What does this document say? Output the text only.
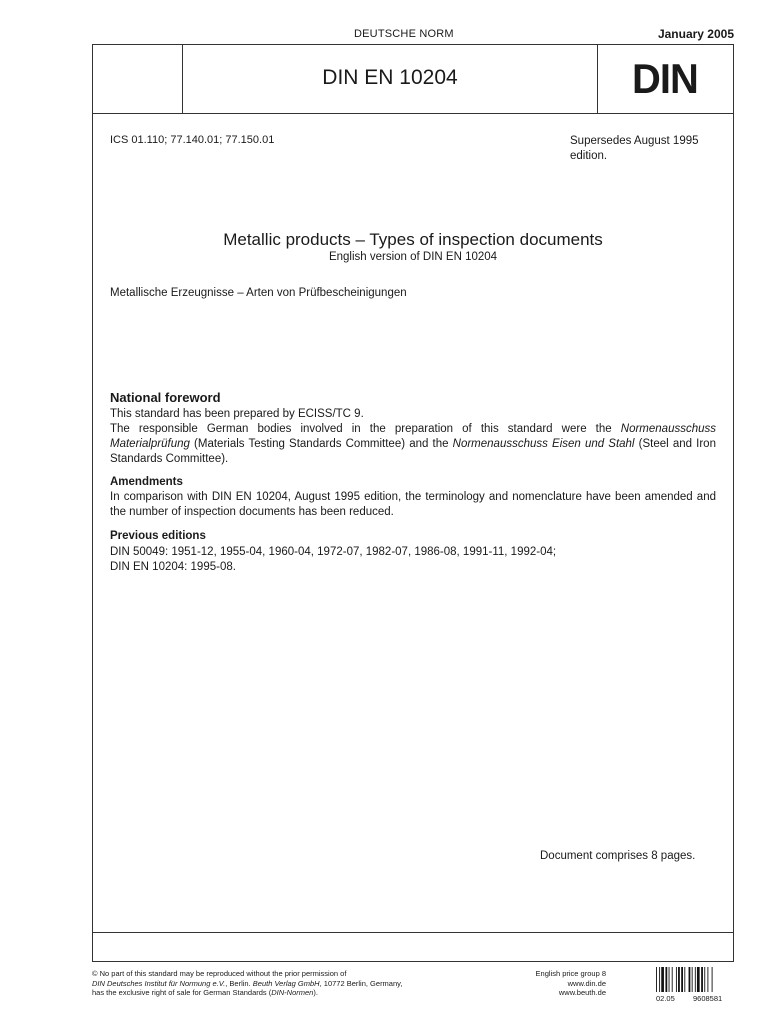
DEUTSCHE NORM	January 2005
DIN EN 10204	DIN
ICS 01.110; 77.140.01; 77.150.01	Supersedes August 1995
edition.
Metallic products – Types of inspection documents
English version of DIN EN 10204
Metallische Erzeugnisse – Arten von Prüfbescheinigungen
National foreword
This standard has been prepared by ECISS/TC 9.
The responsible German bodies involved in the preparation of this standard were the Normenausschuss Materialprüfung (Materials Testing Standards Committee) and the Normenausschuss Eisen und Stahl (Steel and Iron Standards Committee).
Amendments
In comparison with DIN EN 10204, August 1995 edition, the terminology and nomenclature have been amended and the number of inspection documents has been reduced.
Previous editions
DIN 50049: 1951-12, 1955-04, 1960-04, 1972-07, 1982-07, 1986-08, 1991-11, 1992-04;
DIN EN 10204: 1995-08.
Document comprises 8 pages.
© No part of this standard may be reproduced without the prior permission of
DIN Deutsches Institut für Normung e.V., Berlin. Beuth Verlag GmbH, 10772 Berlin, Germany,
has the exclusive right of sale for German Standards (DIN-Normen).
English price group 8
www.din.de
www.beuth.de
02.05 9608581
